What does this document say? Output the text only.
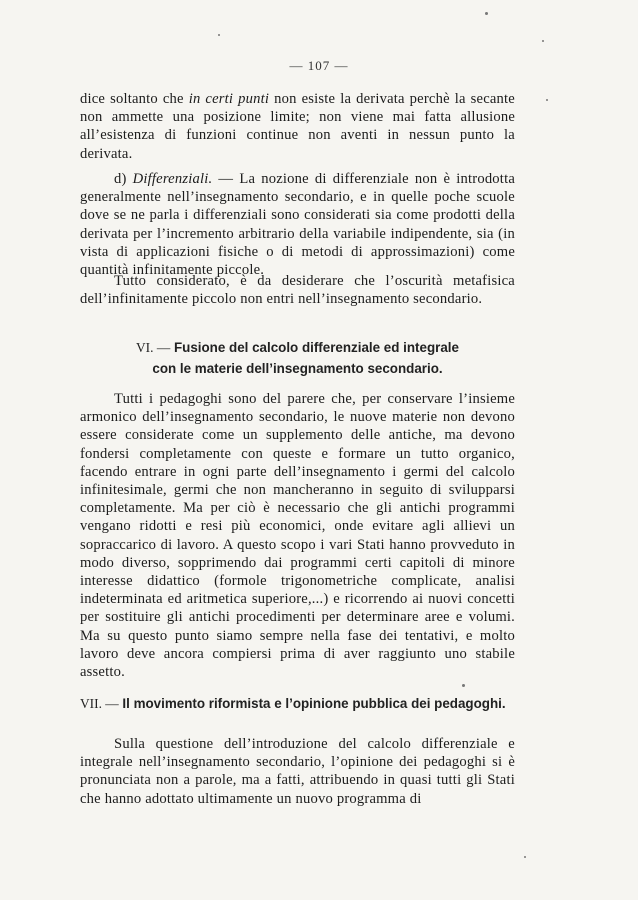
— 107 —

dice soltanto che in certi punti non esiste la derivata perchè la secante non ammette una posizione limite; non viene mai fatta allusione all’esistenza di funzioni continue non aventi in nessun punto la derivata.

d) Differenziali. — La nozione di differenziale non è introdotta generalmente nell’insegnamento secondario, e in quelle poche scuole dove se ne parla i differenziali sono considerati sia come prodotti della derivata per l’incremento arbitrario della variabile indipendente, sia (in vista di applicazioni fisiche o di metodi di approssimazioni) come quantità infinitamente piccole.

Tutto considerato, è da desiderare che l’oscurità metafisica dell’infinitamente piccolo non entri nell’insegnamento secondario.

VI. — Fusione del calcolo differenziale ed integrale
con le materie dell’insegnamento secondario.

Tutti i pedagoghi sono del parere che, per conservare l’insieme armonico dell’insegnamento secondario, le nuove materie non devono essere considerate come un supplemento delle antiche, ma devono fondersi completamente con queste e formare un tutto organico, facendo entrare in ogni parte dell’insegnamento i germi del calcolo infinitesimale, germi che non mancheranno in seguito di svilupparsi completamente. Ma per ciò è necessario che gli antichi programmi vengano ridotti e resi più economici, onde evitare agli allievi un sopraccarico di lavoro. A questo scopo i vari Stati hanno provveduto in modo diverso, sopprimendo dai programmi certi capitoli di minore interesse didattico (formole trigonometriche complicate, analisi indeterminata ed aritmetica superiore,...) e ricorrendo ai nuovi concetti per sostituire gli antichi procedimenti per determinare aree e volumi. Ma su questo punto siamo sempre nella fase dei tentativi, e molto lavoro deve ancora compiersi prima di aver raggiunto uno stabile assetto.

VII. — Il movimento riformista e l’opinione pubblica dei pedagoghi.

Sulla questione dell’introduzione del calcolo differenziale e integrale nell’insegnamento secondario, l’opinione dei pedagoghi si è pronunciata non a parole, ma a fatti, attribuendo in quasi tutti gli Stati che hanno adottato ultimamente un nuovo programma di
